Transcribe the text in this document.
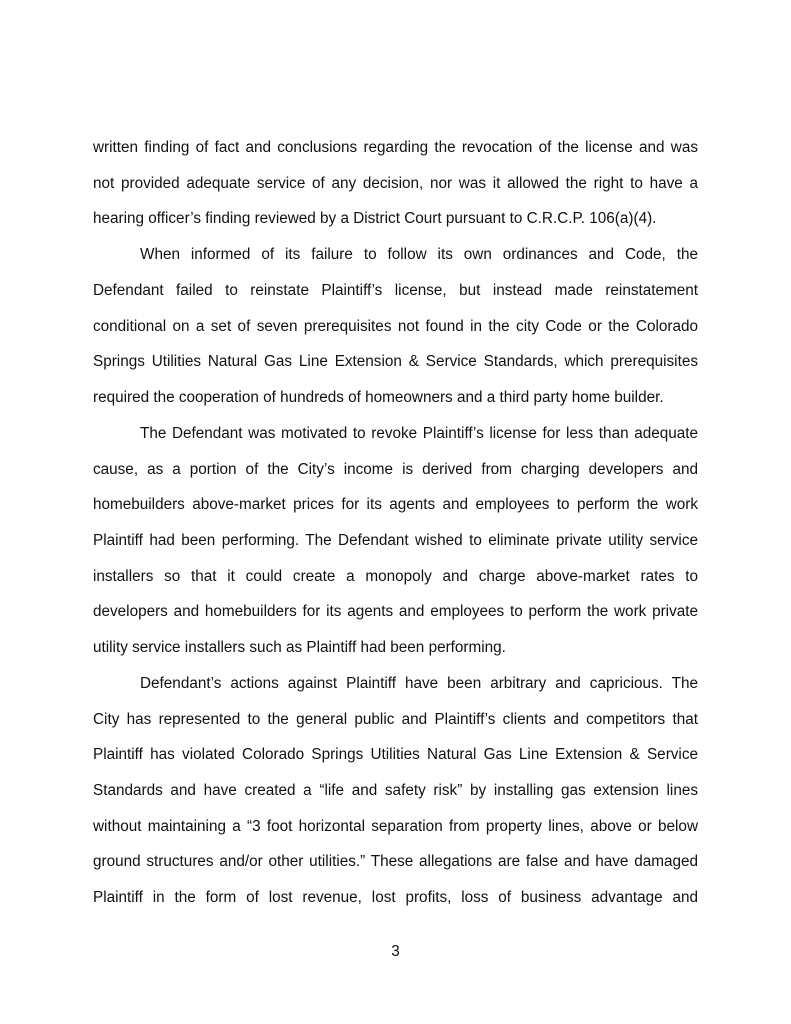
written finding of fact and conclusions regarding the revocation of the license and was
not provided adequate service of any decision, nor was it allowed the right to have a
hearing officer’s finding reviewed by a District Court pursuant to C.R.C.P. 106(a)(4).
When informed of its failure to follow its own ordinances and Code, the
Defendant failed to reinstate Plaintiff’s license, but instead made reinstatement
conditional on a set of seven prerequisites not found in the city Code or the Colorado
Springs Utilities Natural Gas Line Extension & Service Standards, which prerequisites
required the cooperation of hundreds of homeowners and a third party home builder.
The Defendant was motivated to revoke Plaintiff’s license for less than adequate
cause, as a portion of the City’s income is derived from charging developers and
homebuilders above-market prices for its agents and employees to perform the work
Plaintiff had been performing. The Defendant wished to eliminate private utility service
installers so that it could create a monopoly and charge above-market rates to
developers and homebuilders for its agents and employees to perform the work private
utility service installers such as Plaintiff had been performing.
Defendant’s actions against Plaintiff have been arbitrary and capricious. The
City has represented to the general public and Plaintiff’s clients and competitors that
Plaintiff has violated Colorado Springs Utilities Natural Gas Line Extension & Service
Standards and have created a “life and safety risk” by installing gas extension lines
without maintaining a “3 foot horizontal separation from property lines, above or below
ground structures and/or other utilities.” These allegations are false and have damaged
Plaintiff in the form of lost revenue, lost profits, loss of business advantage and
3
